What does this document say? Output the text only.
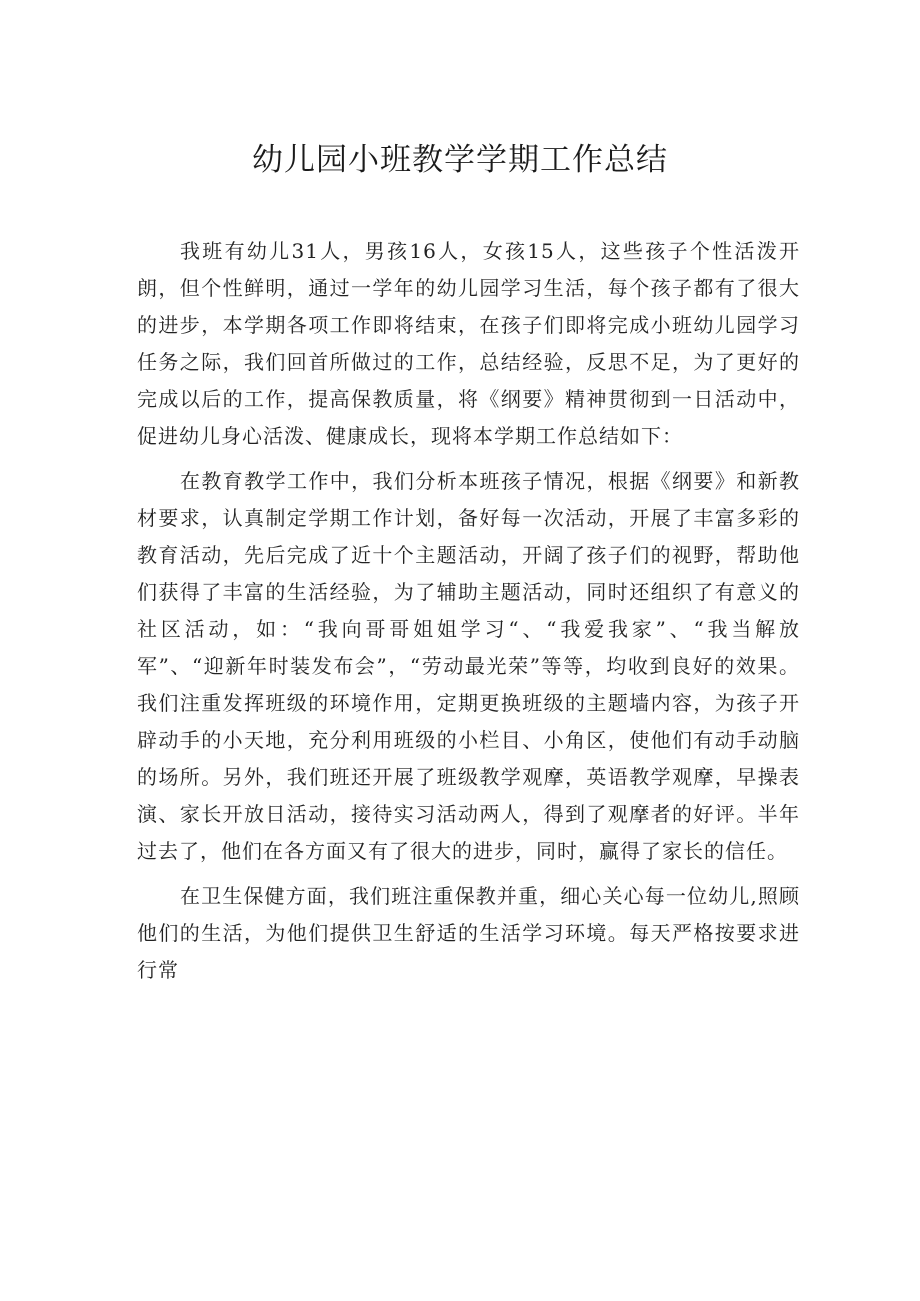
幼儿园小班教学学期工作总结

我班有幼儿31人，男孩16人，女孩15人，这些孩子个性活泼开朗，但个性鲜明，通过一学年的幼儿园学习生活，每个孩子都有了很大的进步，本学期各项工作即将结束，在孩子们即将完成小班幼儿园学习任务之际，我们回首所做过的工作，总结经验，反思不足，为了更好的完成以后的工作，提高保教质量，将《纲要》精神贯彻到一日活动中，促进幼儿身心活泼、健康成长，现将本学期工作总结如下：

在教育教学工作中，我们分析本班孩子情况，根据《纲要》和新教材要求，认真制定学期工作计划，备好每一次活动，开展了丰富多彩的教育活动，先后完成了近十个主题活动，开阔了孩子们的视野，帮助他们获得了丰富的生活经验，为了辅助主题活动，同时还组织了有意义的社区活动，如：“我向哥哥姐姐学习“、“我爱我家”、“我当解放军”、“迎新年时装发布会”，“劳动最光荣”等等，均收到良好的效果。我们注重发挥班级的环境作用，定期更换班级的主题墙内容，为孩子开辟动手的小天地，充分利用班级的小栏目、小角区，使他们有动手动脑的场所。另外，我们班还开展了班级教学观摩，英语教学观摩，早操表演、家长开放日活动，接待实习活动两人，得到了观摩者的好评。半年过去了，他们在各方面又有了很大的进步，同时，赢得了家长的信任。

在卫生保健方面，我们班注重保教并重，细心关心每一位幼儿,照顾他们的生活，为他们提供卫生舒适的生活学习环境。每天严格按要求进行常
